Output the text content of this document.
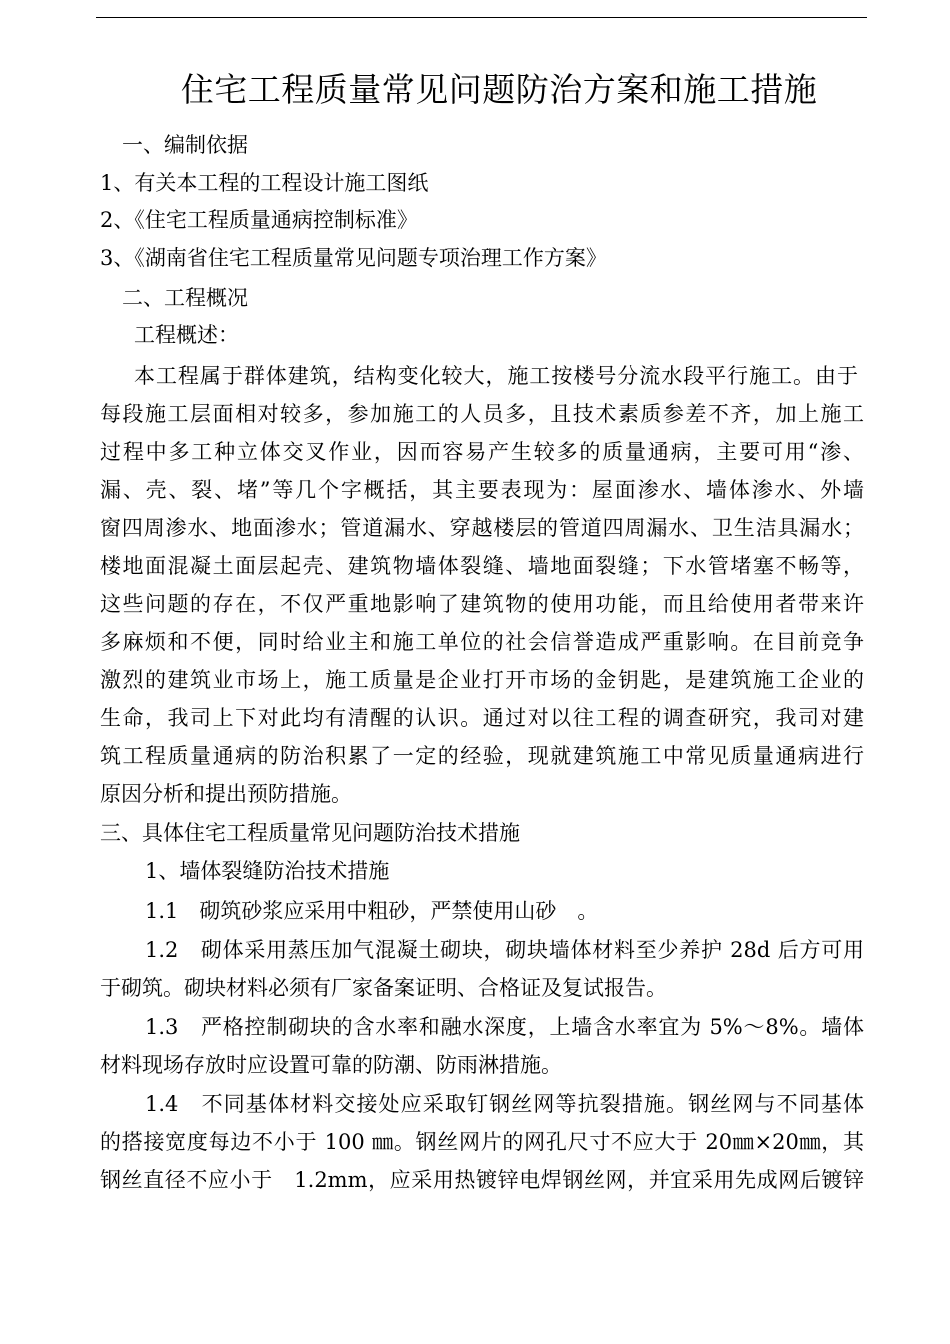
住宅工程质量常见问题防治方案和施工措施
一、编制依据
1、有关本工程的工程设计施工图纸
2、《住宅工程质量通病控制标准》
3、《湖南省住宅工程质量常见问题专项治理工作方案》
二、工程概况
工程概述：
本工程属于群体建筑，结构变化较大，施工按楼号分流水段平行施工。由于
每段施工层面相对较多，参加施工的人员多，且技术素质参差不齐，加上施工
过程中多工种立体交叉作业，因而容易产生较多的质量通病，主要可用“渗、
漏、壳、裂、堵”等几个字概括，其主要表现为：屋面渗水、墙体渗水、外墙
窗四周渗水、地面渗水；管道漏水、穿越楼层的管道四周漏水、卫生洁具漏水；
楼地面混凝土面层起壳、建筑物墙体裂缝、墙地面裂缝；下水管堵塞不畅等，
这些问题的存在，不仅严重地影响了建筑物的使用功能，而且给使用者带来许
多麻烦和不便，同时给业主和施工单位的社会信誉造成严重影响。在目前竞争
激烈的建筑业市场上，施工质量是企业打开市场的金钥匙，是建筑施工企业的
生命，我司上下对此均有清醒的认识。通过对以往工程的调查研究，我司对建
筑工程质量通病的防治积累了一定的经验，现就建筑施工中常见质量通病进行
原因分析和提出预防措施。
三、具体住宅工程质量常见问题防治技术措施
1、墙体裂缝防治技术措施
1.1　砌筑砂浆应采用中粗砂，严禁使用山砂　。
1.2　砌体采用蒸压加气混凝土砌块，砌块墙体材料至少养护 28d 后方可用
于砌筑。砌块材料必须有厂家备案证明、合格证及复试报告。
1.3　严格控制砌块的含水率和融水深度，上墙含水率宜为 5%～8%。墙体
材料现场存放时应设置可靠的防潮、防雨淋措施。
1.4　不同基体材料交接处应采取钉钢丝网等抗裂措施。钢丝网与不同基体
的搭接宽度每边不小于 100 ㎜。钢丝网片的网孔尺寸不应大于 20㎜×20㎜，其
钢丝直径不应小于　1.2mm，应采用热镀锌电焊钢丝网，并宜采用先成网后镀锌
